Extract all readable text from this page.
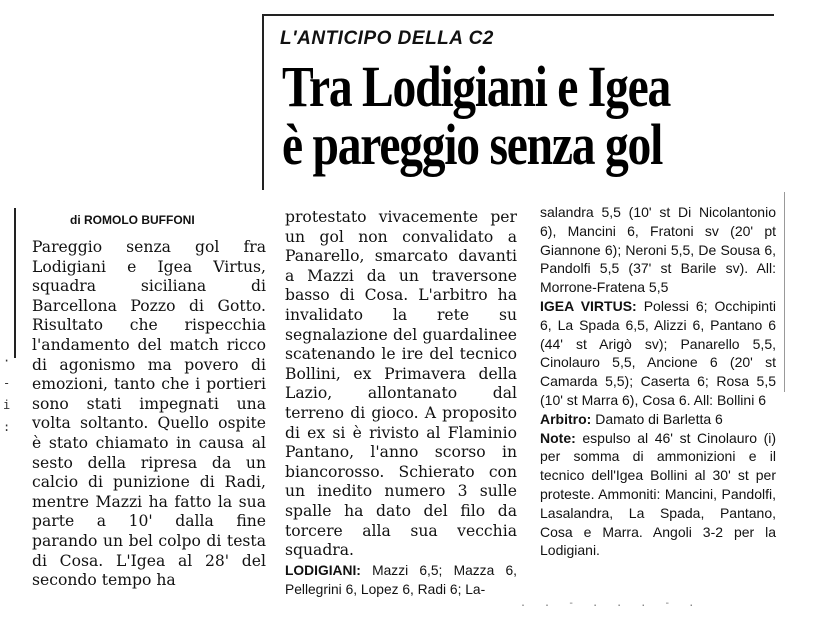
L'ANTICIPO DELLA C2
Tra Lodigiani e Igea
è pareggio senza gol
di ROMOLO BUFFONI

Pareggio senza gol fra Lodigiani e Igea Virtus, squadra siciliana di Barcellona Pozzo di Gotto. Risultato che rispecchia l'andamento del match ricco di agonismo ma povero di emozioni, tanto che i portieri sono stati impegnati una volta soltanto. Quello ospite è stato chiamato in causa al sesto della ripresa da un calcio di punizione di Radi, mentre Mazzi ha fatto la sua parte a 10' dalla fine parando un bel colpo di testa di Cosa. L'Igea al 28' del secondo tempo ha

protestato vivacemente per un gol non convalidato a Panarello, smarcato davanti a Mazzi da un traversone basso di Cosa. L'arbitro ha invalidato la rete su segnalazione del guardalinee scatenando le ire del tecnico Bollini, ex Primavera della Lazio, allontanato dal terreno di gioco. A proposito di ex si è rivisto al Flaminio Pantano, l'anno scorso in biancorosso. Schierato con un inedito numero 3 sulle spalle ha dato del filo da torcere alla sua vecchia squadra.

LODIGIANI: Mazzi 6,5; Mazza 6, Pellegrini 6, Lopez 6, Radi 6; La-

salandra 5,5 (10' st Di Nicolantonio 6), Mancini 6, Fratoni sv (20' pt Giannone 6); Neroni 5,5, De Sousa 6, Pandolfi 5,5 (37' st Barile sv). All: Morrone-Fratena 5,5

IGEA VIRTUS: Polessi 6; Occhipinti 6, La Spada 6,5, Alizzi 6, Pantano 6 (44' st Arigò sv); Panarello 5,5, Cinolauro 5,5, Ancione 6 (20' st Camarda 5,5); Caserta 6; Rosa 5,5 (10' st Marra 6), Cosa 6. All: Bollini 6

Arbitro: Damato di Barletta 6

Note: espulso al 46' st Cinolauro (i) per somma di ammonizioni e il tecnico dell'Igea Bollini al 30' st per proteste. Ammoniti: Mancini, Pandolfi, Lasalandra, La Spada, Pantano, Cosa e Marra. Angoli 3-2 per la Lodigiani.

·
-
i
:
. . - . . . - .
